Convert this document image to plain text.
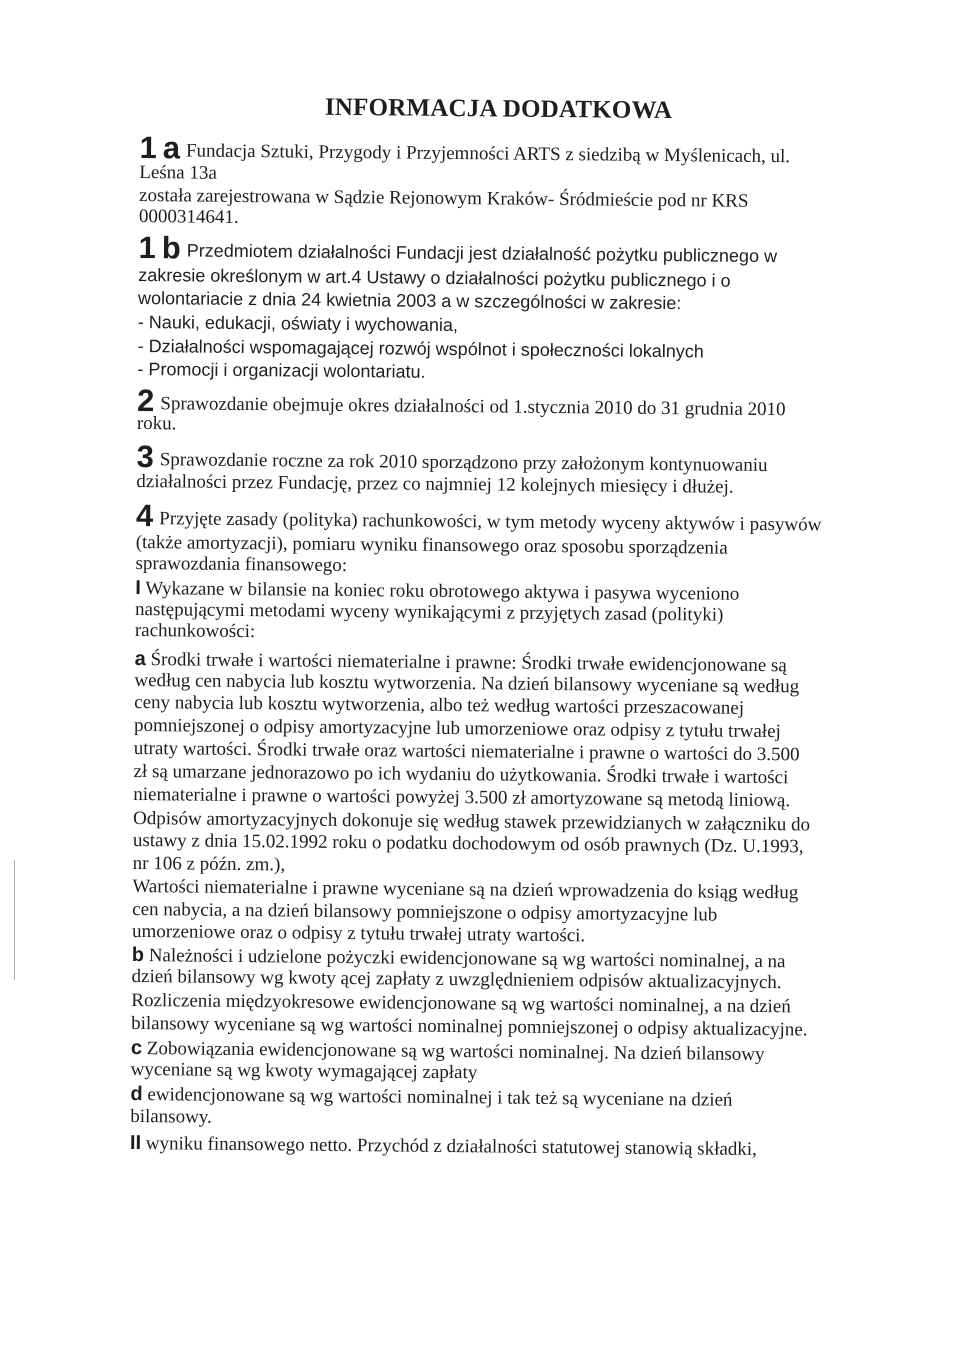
INFORMACJA DODATKOWA
1 a Fundacja Sztuki, Przygody i Przyjemności ARTS z siedzibą w Myślenicach, ul.
Leśna 13a
została zarejestrowana w Sądzie Rejonowym Kraków- Śródmieście pod nr KRS
0000314641.
1 b Przedmiotem działalności Fundacji jest działalność pożytku publicznego w
zakresie określonym w art.4 Ustawy o działalności pożytku publicznego i o
wolontariacie z dnia 24 kwietnia 2003 a w szczególności w zakresie:
- Nauki, edukacji, oświaty i wychowania,
- Działalności wspomagającej rozwój wspólnot i społeczności lokalnych
- Promocji i organizacji wolontariatu.
2 Sprawozdanie obejmuje okres działalności od 1.stycznia 2010 do 31 grudnia 2010
roku.
3 Sprawozdanie roczne za rok 2010 sporządzono przy założonym kontynuowaniu
działalności przez Fundację, przez co najmniej 12 kolejnych miesięcy i dłużej.
4 Przyjęte zasady (polityka) rachunkowości, w tym metody wyceny aktywów i pasywów
(także amortyzacji), pomiaru wyniku finansowego oraz sposobu sporządzenia
sprawozdania finansowego:
I Wykazane w bilansie na koniec roku obrotowego aktywa i pasywa wyceniono
następującymi metodami wyceny wynikającymi z przyjętych zasad (polityki)
rachunkowości:
a Środki trwałe i wartości niematerialne i prawne: Środki trwałe ewidencjonowane są
według cen nabycia lub kosztu wytworzenia. Na dzień bilansowy wyceniane są według
ceny nabycia lub kosztu wytworzenia, albo też według wartości przeszacowanej
pomniejszonej o odpisy amortyzacyjne lub umorzeniowe oraz odpisy z tytułu trwałej
utraty wartości. Środki trwałe oraz wartości niematerialne i prawne o wartości do 3.500
zł są umarzane jednorazowo po ich wydaniu do użytkowania. Środki trwałe i wartości
niematerialne i prawne o wartości powyżej 3.500 zł amortyzowane są metodą liniową.
Odpisów amortyzacyjnych dokonuje się według stawek przewidzianych w załączniku do
ustawy z dnia 15.02.1992 roku o podatku dochodowym od osób prawnych (Dz. U.1993,
nr 106 z późn. zm.),
Wartości niematerialne i prawne wyceniane są na dzień wprowadzenia do ksiąg według
cen nabycia, a na dzień bilansowy pomniejszone o odpisy amortyzacyjne lub
umorzeniowe oraz o odpisy z tytułu trwałej utraty wartości.
b Należności i udzielone pożyczki ewidencjonowane są wg wartości nominalnej, a na
dzień bilansowy wg kwoty ącej zapłaty z uwzględnieniem odpisów aktualizacyjnych.
Rozliczenia międzyokresowe ewidencjonowane są wg wartości nominalnej, a na dzień
bilansowy wyceniane są wg wartości nominalnej pomniejszonej o odpisy aktualizacyjne.
c Zobowiązania ewidencjonowane są wg wartości nominalnej. Na dzień bilansowy
wyceniane są wg kwoty wymagającej zapłaty
d ewidencjonowane są wg wartości nominalnej i tak też są wyceniane na dzień
bilansowy.
II wyniku finansowego netto. Przychód z działalności statutowej stanowią składki,
